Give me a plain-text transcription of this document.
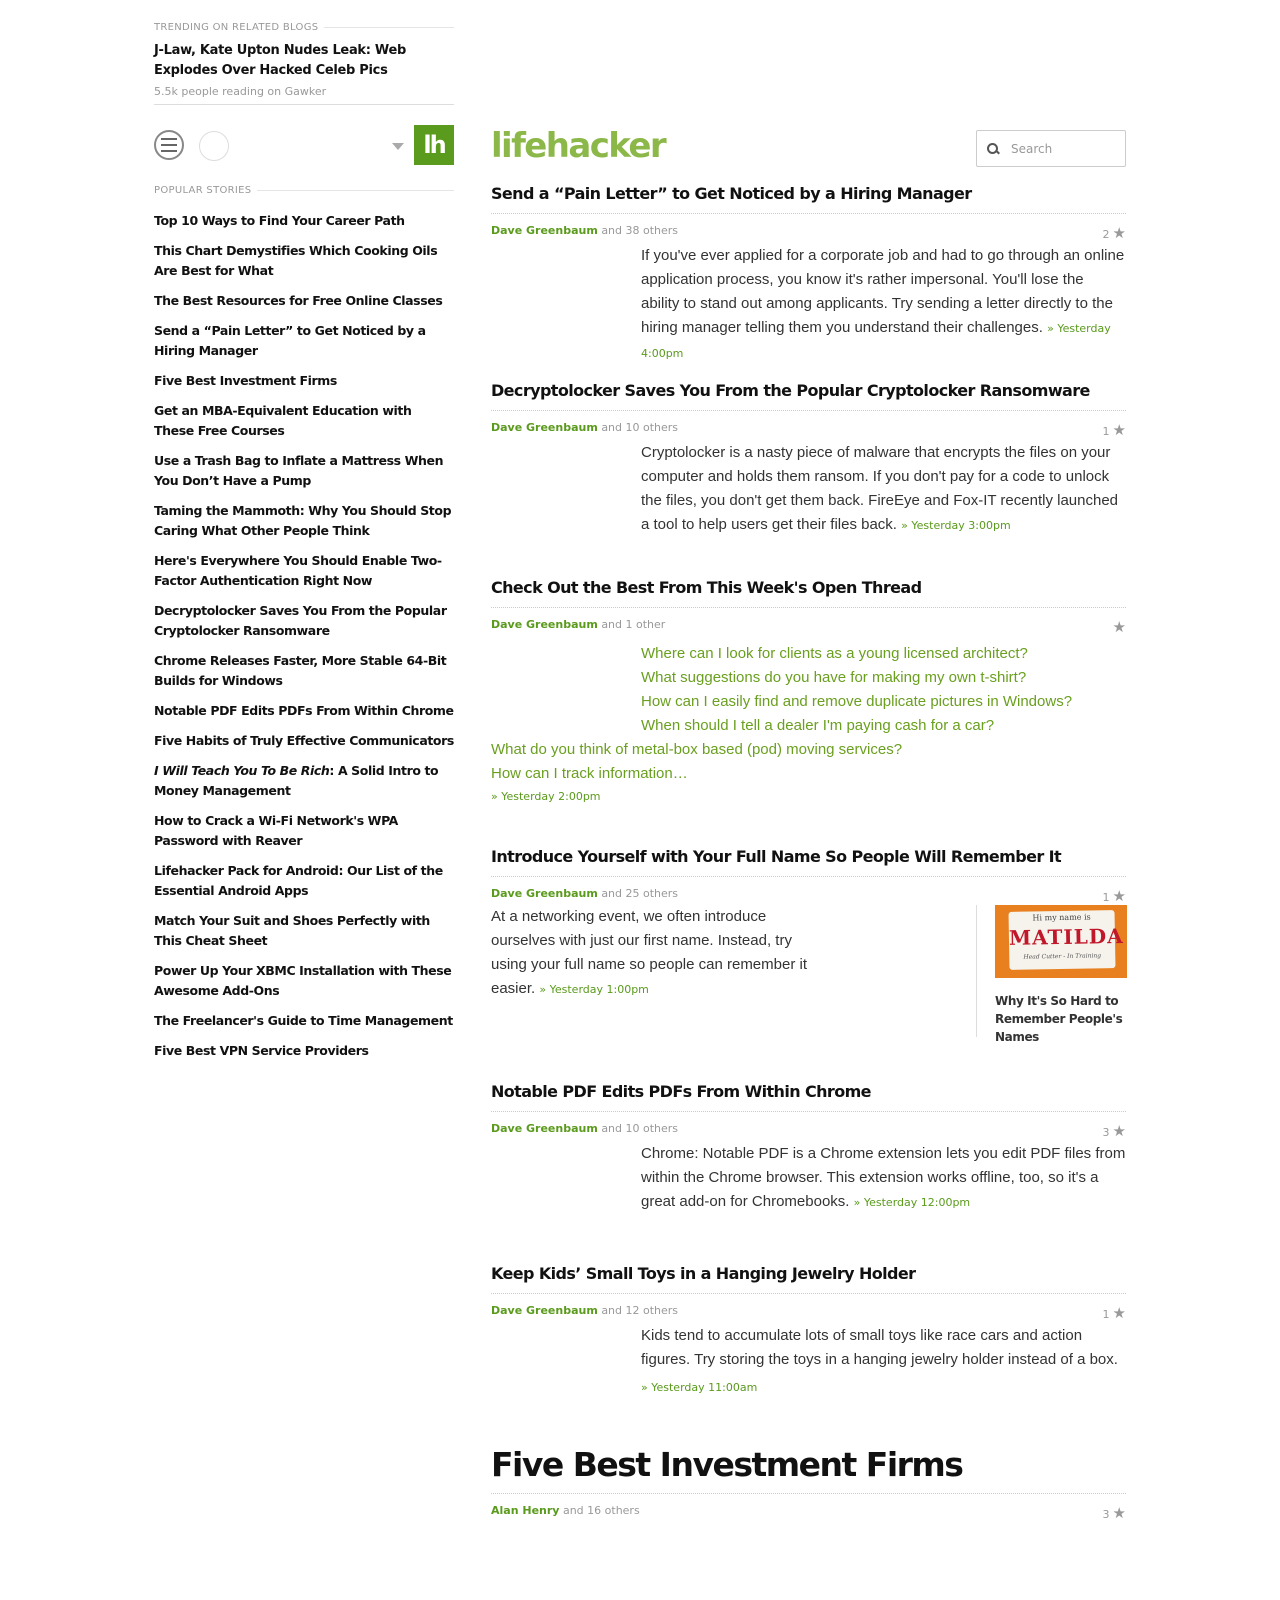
TRENDING ON RELATED BLOGS
J-Law, Kate Upton Nudes Leak: Web Explodes Over Hacked Celeb Pics
5.5k people reading on Gawker
lh
POPULAR STORIES
Top 10 Ways to Find Your Career Path
This Chart Demystifies Which Cooking Oils Are Best for What
The Best Resources for Free Online Classes
Send a “Pain Letter” to Get Noticed by a Hiring Manager
Five Best Investment Firms
Get an MBA-Equivalent Education with These Free Courses
Use a Trash Bag to Inflate a Mattress When You Don’t Have a Pump
Taming the Mammoth: Why You Should Stop Caring What Other People Think
Here's Everywhere You Should Enable Two-Factor Authentication Right Now
Decryptolocker Saves You From the Popular Cryptolocker Ransomware
Chrome Releases Faster, More Stable 64-Bit Builds for Windows
Notable PDF Edits PDFs From Within Chrome
Five Habits of Truly Effective Communicators
I Will Teach You To Be Rich: A Solid Intro to Money Management
How to Crack a Wi-Fi Network's WPA Password with Reaver
Lifehacker Pack for Android: Our List of the Essential Android Apps
Match Your Suit and Shoes Perfectly with This Cheat Sheet
Power Up Your XBMC Installation with These Awesome Add-Ons
The Freelancer's Guide to Time Management
Five Best VPN Service Providers
lifehacker
Search
Send a “Pain Letter” to Get Noticed by a Hiring Manager
Dave Greenbaum and 38 others	2 ★
If you've ever applied for a corporate job and had to go through an online application process, you know it's rather impersonal. You'll lose the ability to stand out among applicants. Try sending a letter directly to the hiring manager telling them you understand their challenges. » Yesterday 4:00pm
Decryptolocker Saves You From the Popular Cryptolocker Ransomware
Dave Greenbaum and 10 others	1 ★
Cryptolocker is a nasty piece of malware that encrypts the files on your computer and holds them ransom. If you don't pay for a code to unlock the files, you don't get them back. FireEye and Fox-IT recently launched a tool to help users get their files back. » Yesterday 3:00pm
Check Out the Best From This Week's Open Thread
Dave Greenbaum and 1 other	★
Where can I look for clients as a young licensed architect?
What suggestions do you have for making my own t-shirt?
How can I easily find and remove duplicate pictures in Windows?
When should I tell a dealer I'm paying cash for a car?
What do you think of metal-box based (pod) moving services?
How can I track information…
» Yesterday 2:00pm
Introduce Yourself with Your Full Name So People Will Remember It
Dave Greenbaum and 25 others	1 ★
At a networking event, we often introduce ourselves with just our first name. Instead, try using your full name so people can remember it easier. » Yesterday 1:00pm
Hi my name is
MATILDA
Head Cutter - In Training
Why It's So Hard to Remember People's Names
Notable PDF Edits PDFs From Within Chrome
Dave Greenbaum and 10 others	3 ★
Chrome: Notable PDF is a Chrome extension lets you edit PDF files from within the Chrome browser. This extension works offline, too, so it's a great add-on for Chromebooks. » Yesterday 12:00pm
Keep Kids’ Small Toys in a Hanging Jewelry Holder
Dave Greenbaum and 12 others	1 ★
Kids tend to accumulate lots of small toys like race cars and action figures. Try storing the toys in a hanging jewelry holder instead of a box.
» Yesterday 11:00am
Five Best Investment Firms
Alan Henry and 16 others	3 ★
